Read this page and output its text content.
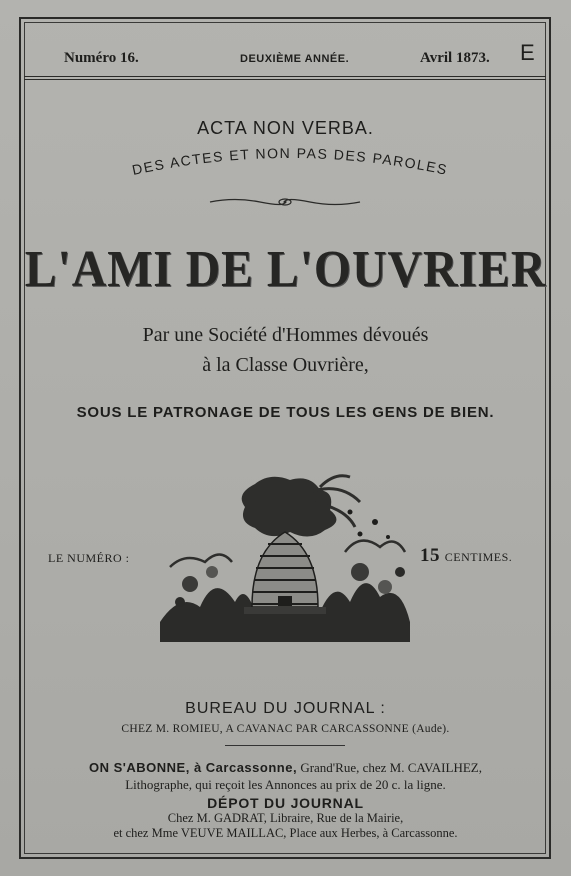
Numéro 16.	DEUXIÈME ANNÉE.	Avril 1873. E
ACTA NON VERBA.
DES ACTES ET NON PAS DES PAROLES
L'AMI DE L'OUVRIER
Par une Société d'Hommes dévoués
à la Classe Ouvrière,
SOUS LE PATRONAGE DE TOUS LES GENS DE BIEN.
LE NUMÉRO :	15 CENTIMES.
BUREAU DU JOURNAL :
CHEZ M. ROMIEU, A CAVANAC PAR CARCASSONNE (Aude).
ON S'ABONNE, à Carcassonne, Grand'Rue, chez M. CAVAILHEZ,
Lithographe, qui reçoit les Annonces au prix de 20 c. la ligne.
DÉPOT DU JOURNAL
Chez M. GADRAT, Libraire, Rue de la Mairie,
et chez Mme VEUVE MAILLAC, Place aux Herbes, à Carcassonne.
